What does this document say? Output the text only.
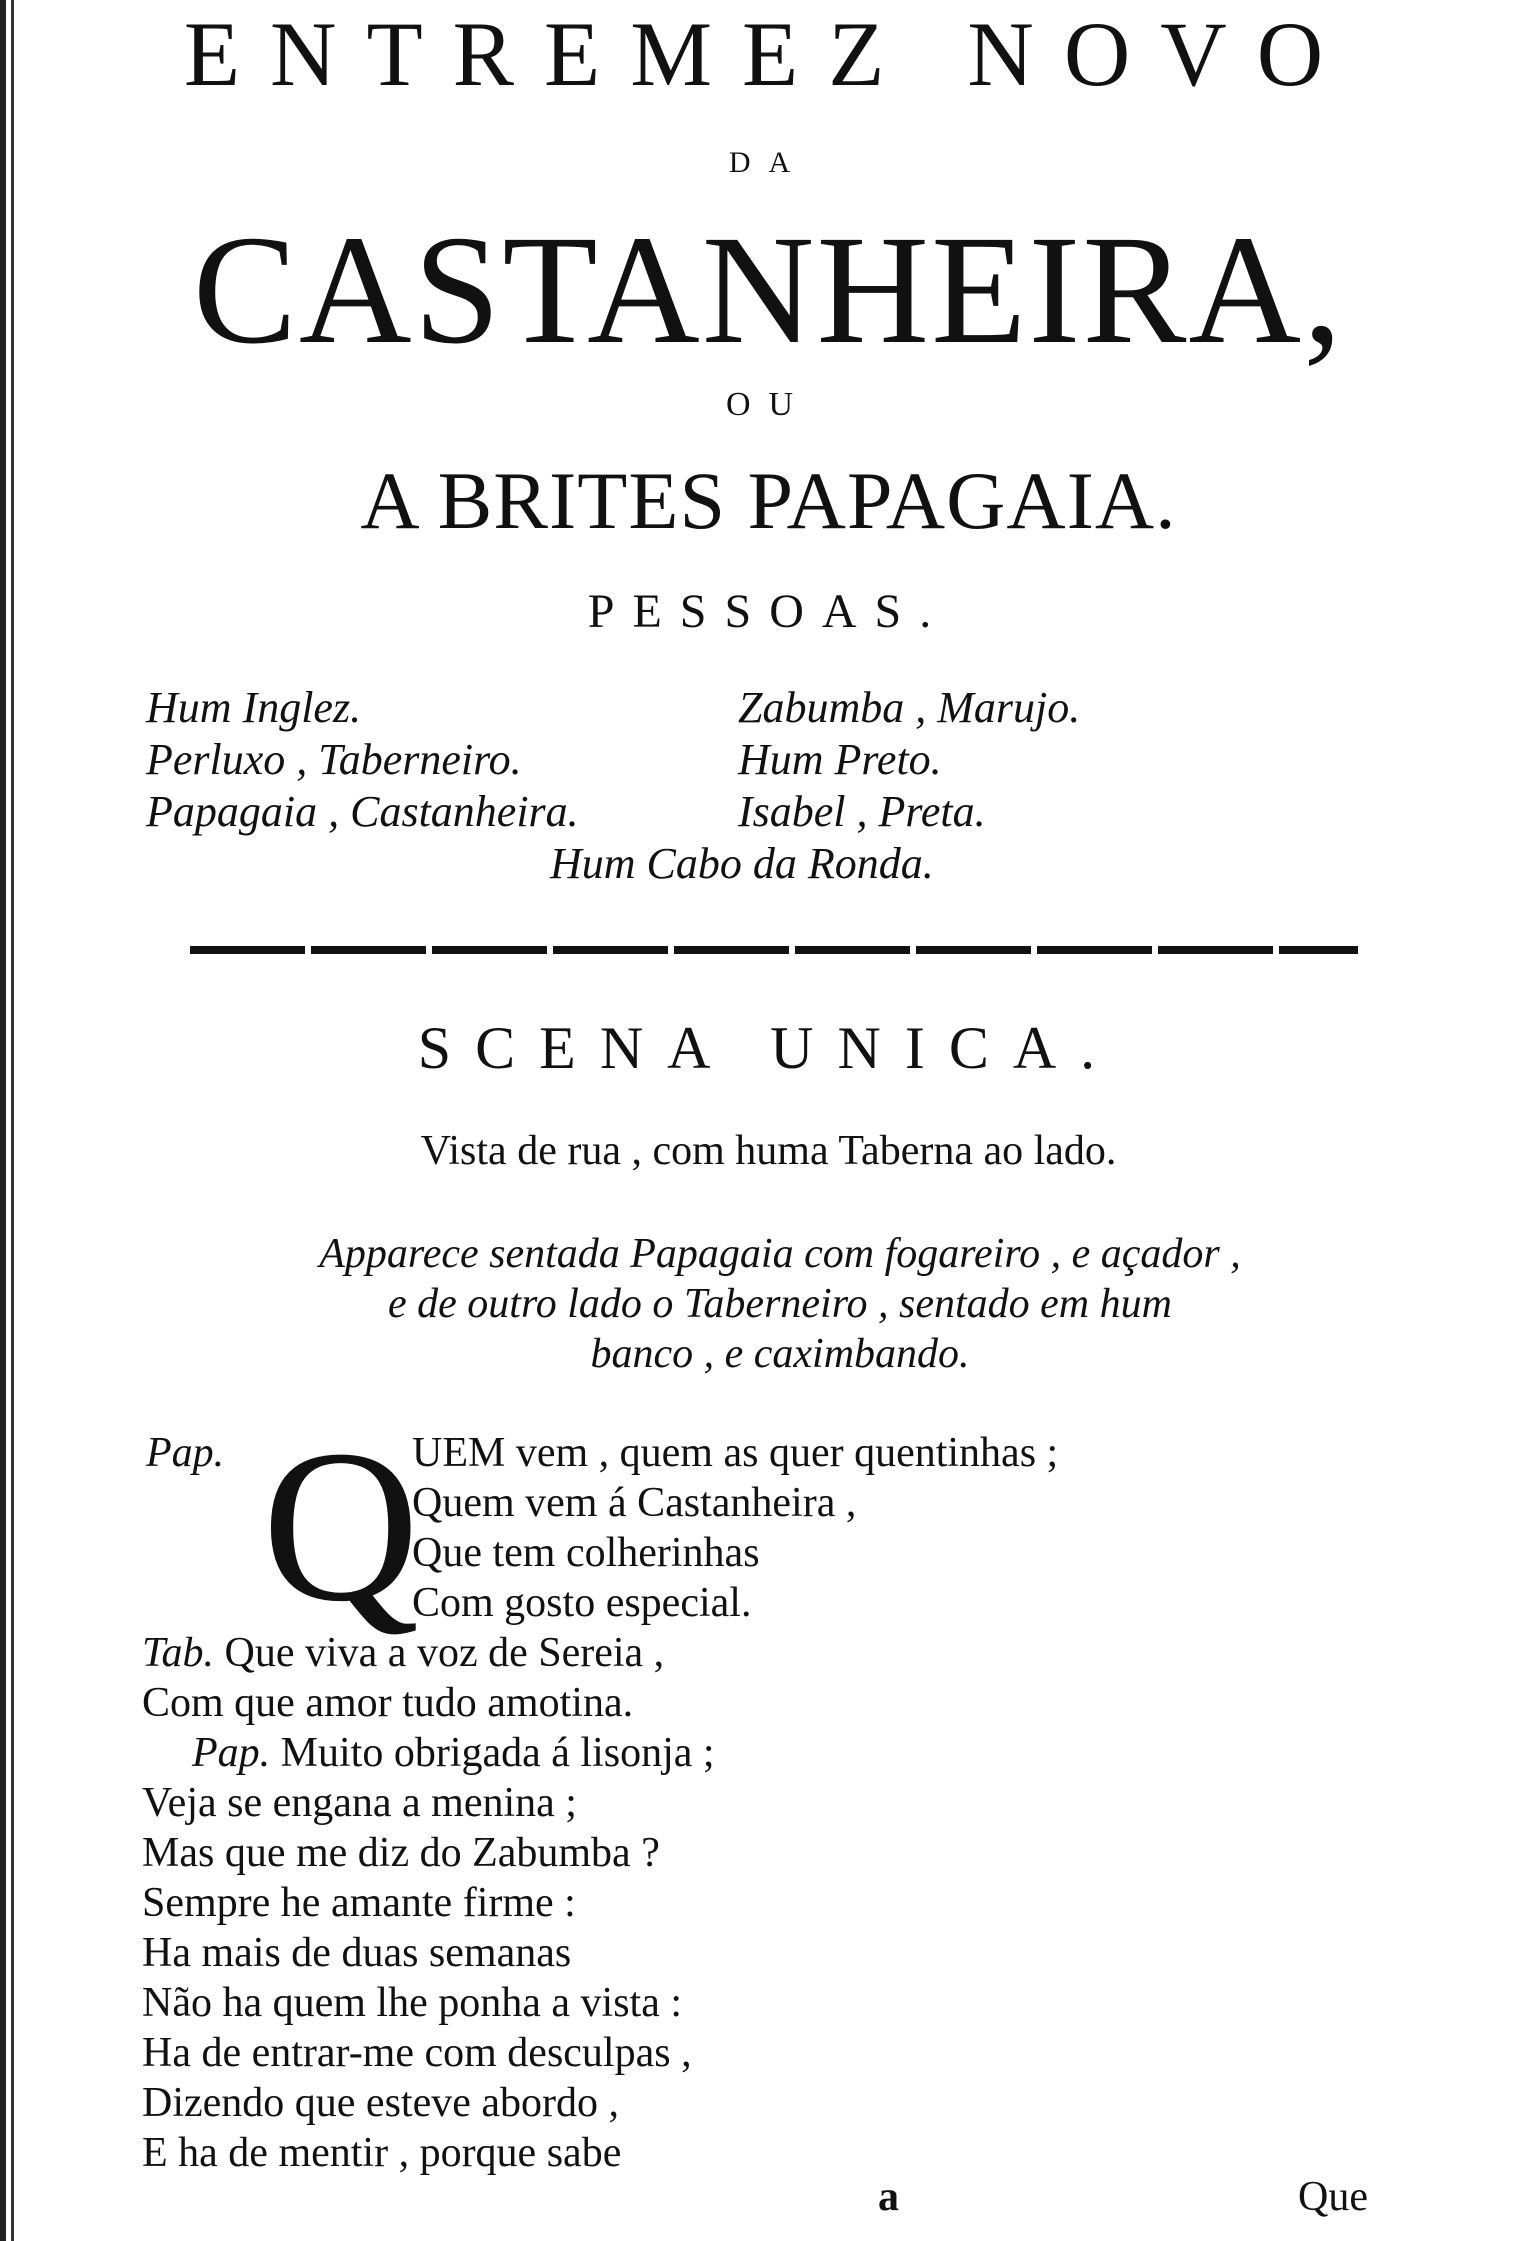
ENTREMEZ NOVO
DA
CASTANHEIRA,
OU
A BRITES PAPAGAIA.
PESSOAS.
Hum Inglez.
Perluxo , Taberneiro.
Papagaia , Castanheira.
Zabumba , Marujo.
Hum Preto.
Isabel , Preta.
Hum Cabo da Ronda.
SCENA UNICA.
Vista de rua , com huma Taberna ao lado.
Apparece sentada Papagaia com fogareiro , e açador ,
e de outro lado o Taberneiro , sentado em hum
banco , e caximbando.
Pap. Q
UEM vem , quem as quer quentinhas ;
Quem vem á Castanheira ,
Que tem colherinhas
Com gosto especial.
Tab. Que viva a voz de Sereia ,
Com que amor tudo amotina.
Pap. Muito obrigada á lisonja ;
Veja se engana a menina ;
Mas que me diz do Zabumba ?
Sempre he amante firme :
Ha mais de duas semanas
Não ha quem lhe ponha a vista :
Ha de entrar-me com desculpas ,
Dizendo que esteve abordo ,
E ha de mentir , porque sabe
a	Que
